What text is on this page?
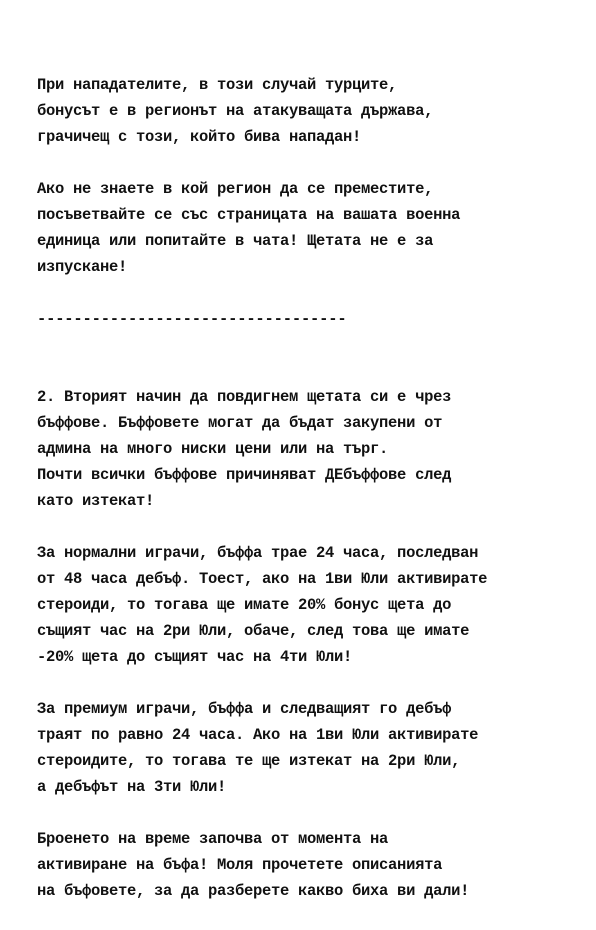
При нападателите, в този случай турците,
бонусът е в регионът на атакуващата държава,
грачичещ с този, който бива нападан!
Ако не знаете в кой регион да се преместите,
посъветвайте се със страницата на вашата военна
единица или попитайте в чата! Щетата не е за
изпускане!
----------------------------------
2. Вторият начин да повдигнем щетата си е чрез
бъффове. Бъффовете могат да бъдат закупени от
админа на много ниски цени или на търг.
Почти всички бъффове причиняват ДЕбъффове след
като изтекат!
За нормални играчи, бъффа трае 24 часа, последван
от 48 часа дебъф. Тоест, ако на 1ви Юли активирате
стероиди, то тогава ще имате 20% бонус щета до
същият час на 2ри Юли, обаче, след това ще имате
-20% щета до същият час на 4ти Юли!
За премиум играчи, бъффа и следващият го дебъф
траят по равно 24 часа. Ако на 1ви Юли активирате
стероидите, то тогава те ще изтекат на 2ри Юли,
а дебъфът на 3ти Юли!
Броенето на време започва от момента на
активиране на бъфа! Моля прочетете описанията
на бъфовете, за да разберете какво биха ви дали!
